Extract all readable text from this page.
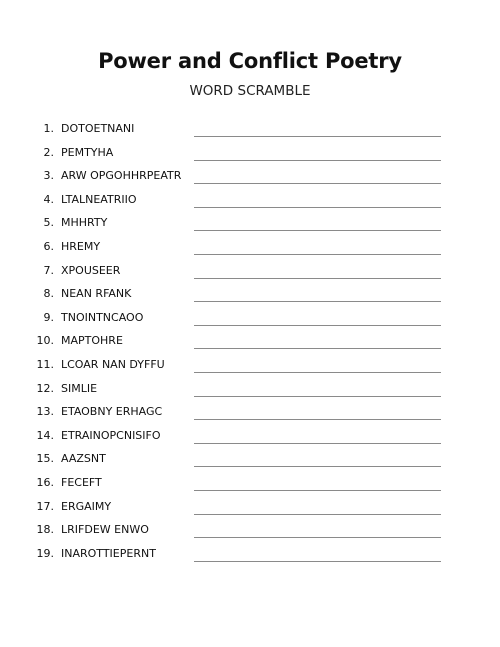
Power and Conflict Poetry
WORD SCRAMBLE
1. DOTOETNANI
2. PEMTYHA
3. ARW OPGOHHRPEATR
4. LTALNEATRIIO
5. MHHRTY
6. HREMY
7. XPOUSEER
8. NEAN RFANK
9. TNOINTNCAOO
10. MAPTOHRE
11. LCOAR NAN DYFFU
12. SIMLIE
13. ETAOBNY ERHAGC
14. ETRAINOPCNISIFO
15. AAZSNT
16. FECEFT
17. ERGAIMY
18. LRIFDEW ENWO
19. INAROTTIEPERNT
